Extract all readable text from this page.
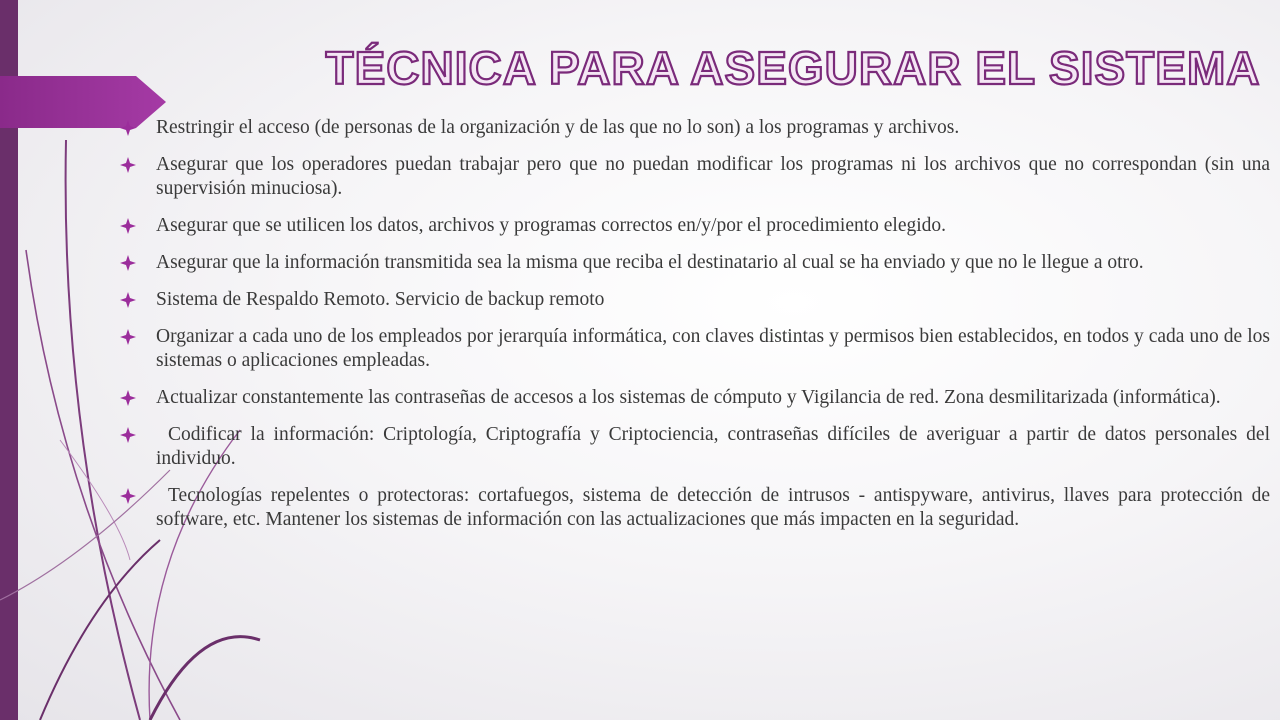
TÉCNICA PARA ASEGURAR EL SISTEMA
Restringir el acceso (de personas de la organización y de las que no lo son) a los programas y archivos.
Asegurar que los operadores puedan trabajar pero que no puedan modificar los programas ni los archivos que no correspondan (sin una supervisión minuciosa).
Asegurar que se utilicen los datos, archivos y programas correctos en/y/por el procedimiento elegido.
Asegurar que la información transmitida sea la misma que reciba el destinatario al cual se ha enviado y que no le llegue a otro.
Sistema de Respaldo Remoto. Servicio de backup remoto
Organizar a cada uno de los empleados por jerarquía informática, con claves distintas y permisos bien establecidos, en todos y cada uno de los sistemas o aplicaciones empleadas.
Actualizar constantemente las contraseñas de accesos a los sistemas de cómputo y Vigilancia de red. Zona desmilitarizada (informática).
Codificar la información: Criptología, Criptografía y Criptociencia, contraseñas difíciles de averiguar a partir de datos personales del individuo.
Tecnologías repelentes o protectoras: cortafuegos, sistema de detección de intrusos - antispyware, antivirus, llaves para protección de software, etc. Mantener los sistemas de información con las actualizaciones que más impacten en la seguridad.
